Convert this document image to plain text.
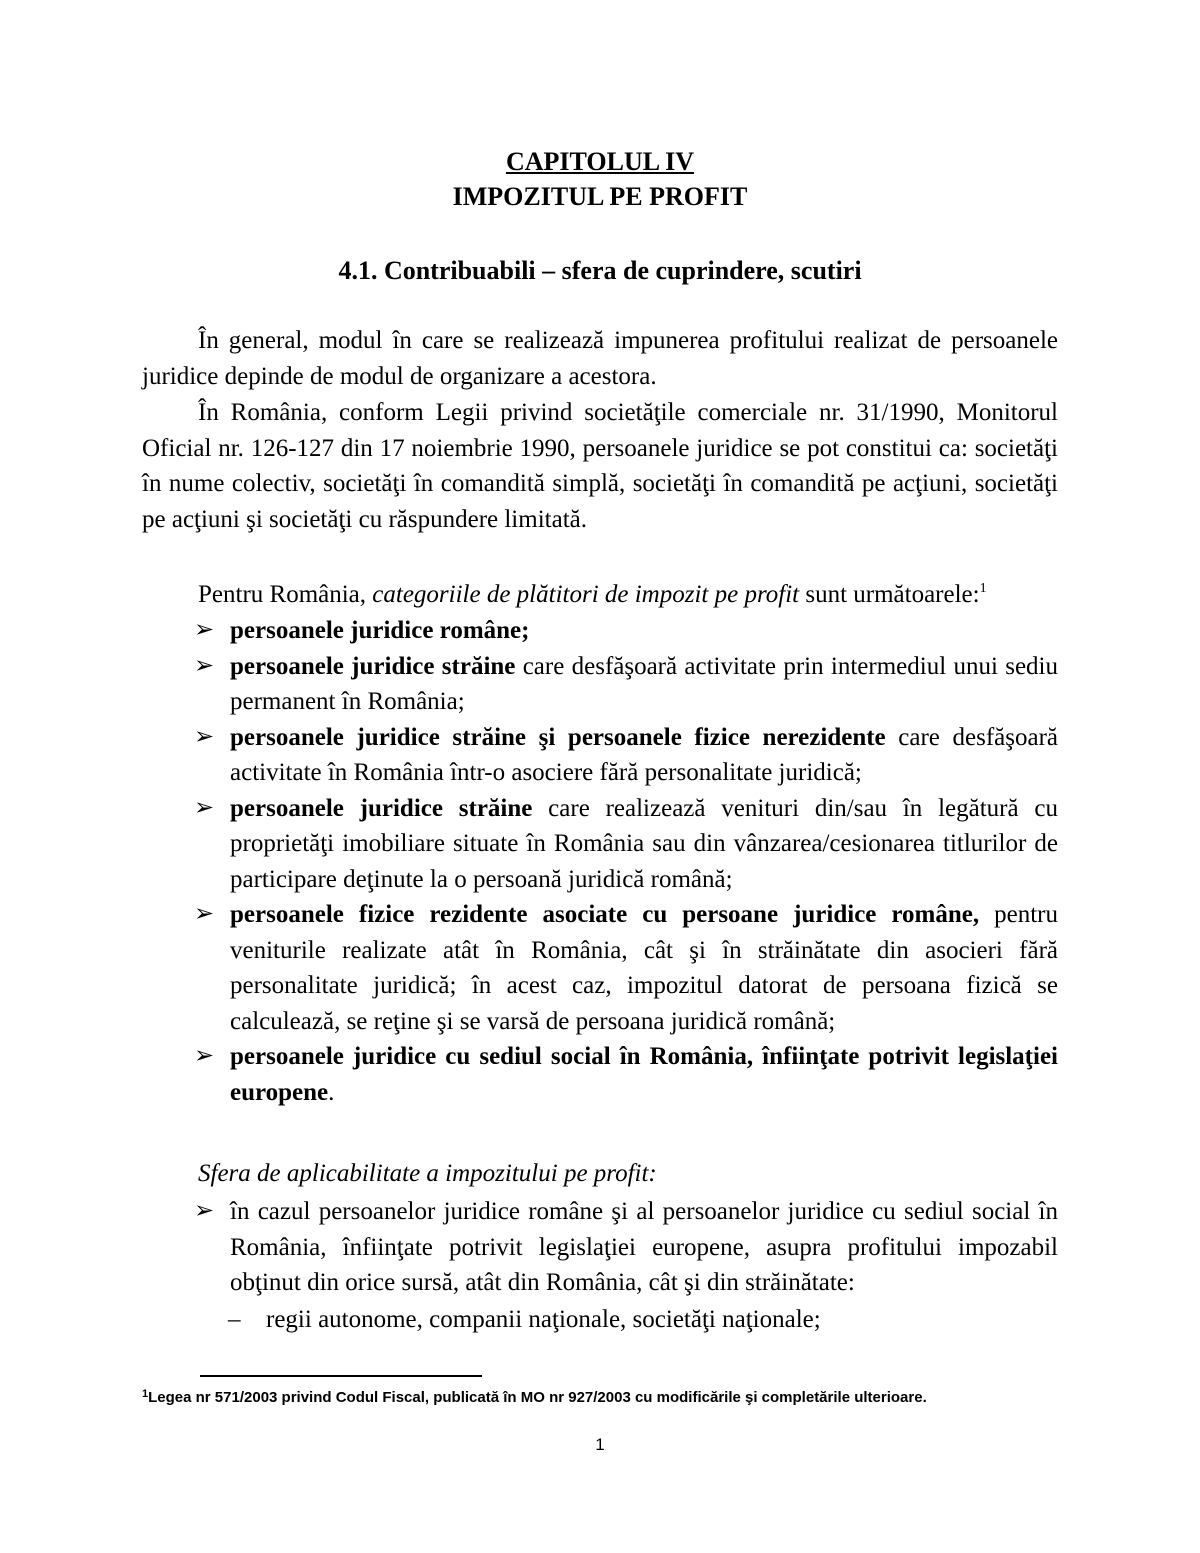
CAPITOLUL IV

IMPOZITUL PE PROFIT

4.1. Contribuabili – sfera de cuprindere, scutiri

În general, modul în care se realizează impunerea profitului realizat de persoanele juridice depinde de modul de organizare a acestora.

În România, conform Legii privind societăţile comerciale nr. 31/1990, Monitorul Oficial nr. 126-127 din 17 noiembrie 1990, persoanele juridice se pot constitui ca: societăţi în nume colectiv, societăţi în comandită simplă, societăţi în comandită pe acţiuni, societăţi pe acţiuni şi societăţi cu răspundere limitată.

Pentru România, categoriile de plătitori de impozit pe profit sunt următoarele:$^1$

➢ persoanele juridice române;
➢ persoanele juridice străine care desfăşoară activitate prin intermediul unui sediu permanent în România;
➢ persoanele juridice străine şi persoanele fizice nerezidente care desfăşoară activitate în România într-o asociere fără personalitate juridică;
➢ persoanele juridice străine care realizează venituri din/sau în legătură cu proprietăţi imobiliare situate în România sau din vânzarea/cesionarea titlurilor de participare deţinute la o persoană juridică română;
➢ persoanele fizice rezidente asociate cu persoane juridice române, pentru veniturile realizate atât în România, cât şi în străinătate din asocieri fără personalitate juridică; în acest caz, impozitul datorat de persoana fizică se calculează, se reţine şi se varsă de persoana juridică română;
➢ persoanele juridice cu sediul social în România, înfiinţate potrivit legislaţiei europene.

Sfera de aplicabilitate a impozitului pe profit:

➢ în cazul persoanelor juridice române şi al persoanelor juridice cu sediul social în România, înfiinţate potrivit legislaţiei europene, asupra profitului impozabil obţinut din orice sursă, atât din România, cât şi din străinătate:
– regii autonome, companii naţionale, societăţi naţionale;

$^1$Legea nr 571/2003 privind Codul Fiscal, publicată în MO nr 927/2003 cu modificările şi completările ulterioare.

1
